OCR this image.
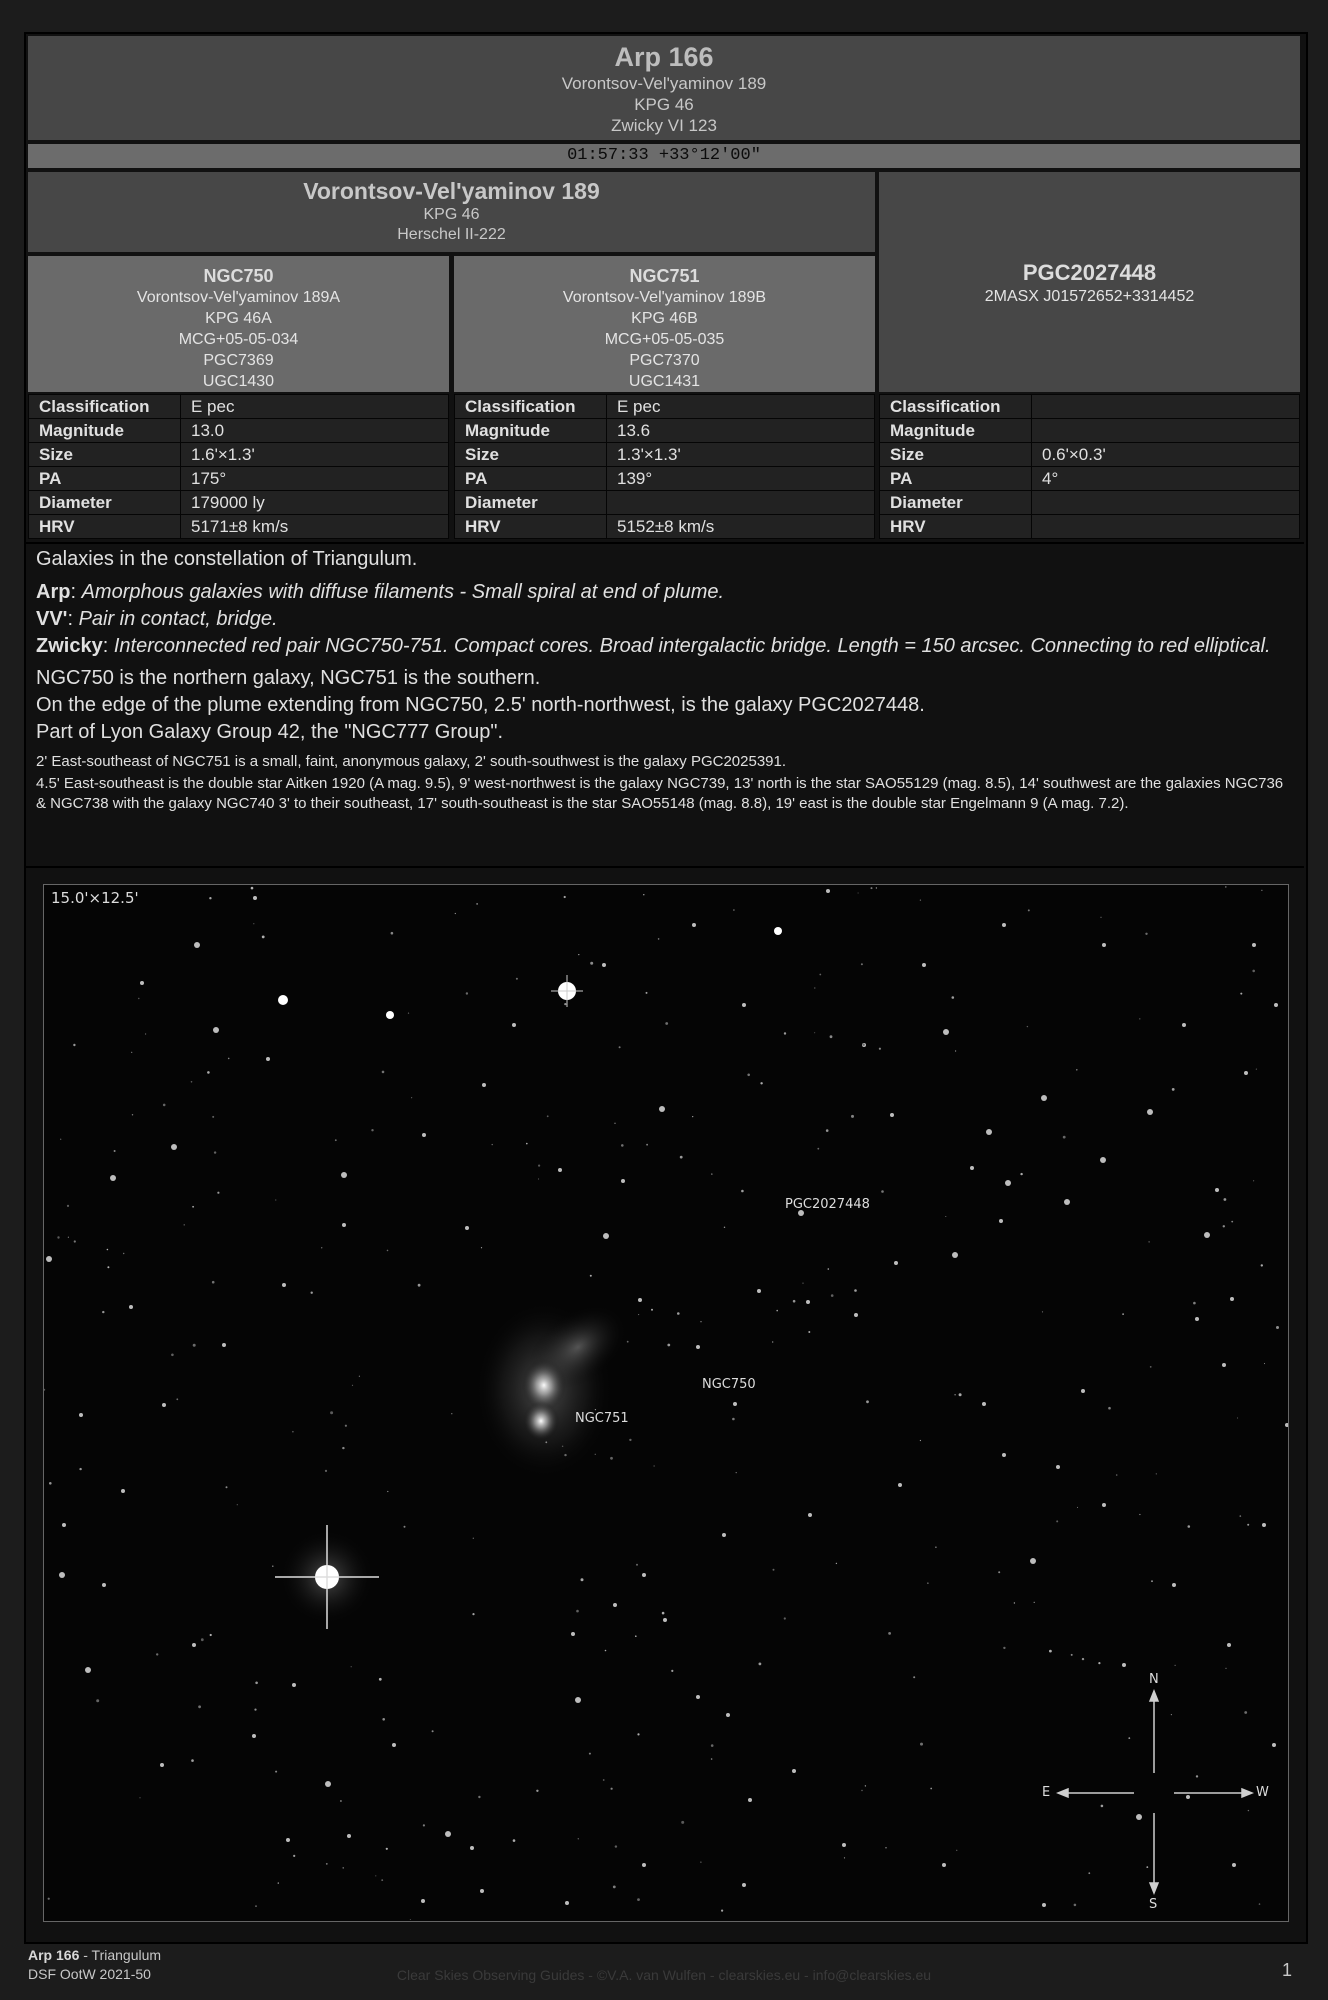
Arp 166
Vorontsov-Vel'yaminov 189
KPG 46
Zwicky VI 123
01:57:33 +33°12'00"
Vorontsov-Vel'yaminov 189
KPG 46
Herschel II-222
NGC750
Vorontsov-Vel'yaminov 189A
KPG 46A
MCG+05-05-034
PGC7369
UGC1430
NGC751
Vorontsov-Vel'yaminov 189B
KPG 46B
MCG+05-05-035
PGC7370
UGC1431
PGC2027448
2MASX J01572652+3314452
Classification	E pec
Magnitude	13.0
Size	1.6'×1.3'
PA	175°
Diameter	179000 ly
HRV	5171±8 km/s
Classification	E pec
Magnitude	13.6
Size	1.3'×1.3'
PA	139°
Diameter	
HRV	5152±8 km/s
Classification	
Magnitude	
Size	0.6'×0.3'
PA	4°
Diameter	
HRV	

Galaxies in the constellation of Triangulum.

Arp: Amorphous galaxies with diffuse filaments - Small spiral at end of plume.

VV': Pair in contact, bridge.

Zwicky: Interconnected red pair NGC750-751. Compact cores. Broad intergalactic bridge. Length = 150 arcsec. Connecting to red elliptical.

NGC750 is the northern galaxy, NGC751 is the southern.

On the edge of the plume extending from NGC750, 2.5' north-northwest, is the galaxy PGC2027448.

Part of Lyon Galaxy Group 42, the "NGC777 Group".

2' East-southeast of NGC751 is a small, faint, anonymous galaxy, 2' south-southwest is the galaxy PGC2025391.

4.5' East-southeast is the double star Aitken 1920 (A mag. 9.5), 9' west-northwest is the galaxy NGC739, 13' north is the star SAO55129 (mag. 8.5), 14' southwest are the galaxies NGC736 & NGC738 with the galaxy NGC740 3' to their southeast, 17' south-southeast is the star SAO55148 (mag. 8.8), 19' east is the double star Engelmann 9 (A mag. 7.2).

15.0'×12.5'
PGC2027448
NGC750
NGC751
N
S
E	W
Arp 166 - Triangulum
DSF OotW 2021-50	Clear Skies Observing Guides - ©V.A. van Wulfen - clearskies.eu - info@clearskies.eu	1
